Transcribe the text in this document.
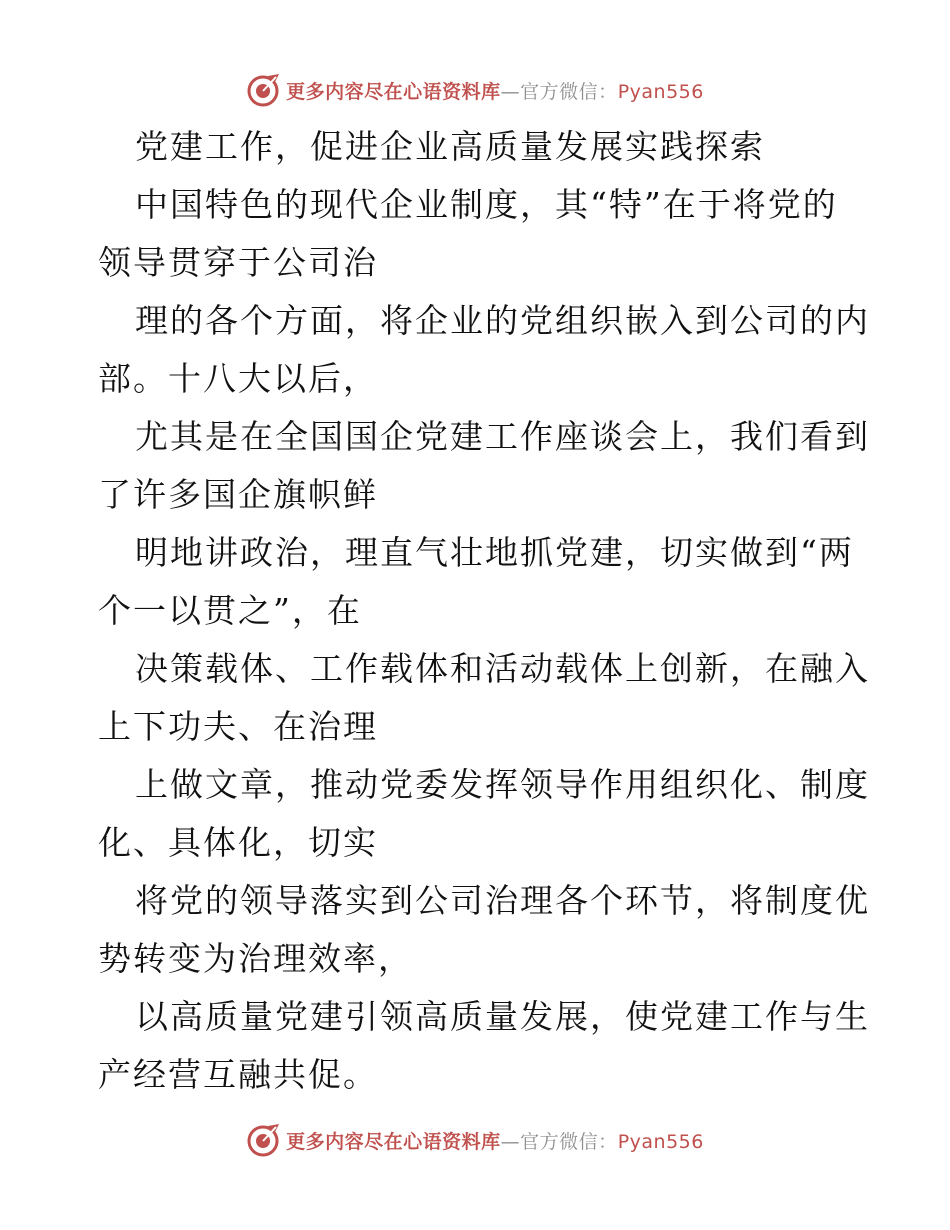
更多内容尽在心语资料库—官方微信：Pyan556

党建工作，促进企业高质量发展实践探索

中国特色的现代企业制度，其“特”在于将党的
领导贯穿于公司治

理的各个方面，将企业的党组织嵌入到公司的内
部。十八大以后，

尤其是在全国国企党建工作座谈会上，我们看到
了许多国企旗帜鲜

明地讲政治，理直气壮地抓党建，切实做到“两
个一以贯之”，在

决策载体、工作载体和活动载体上创新，在融入
上下功夫、在治理

上做文章，推动党委发挥领导作用组织化、制度
化、具体化，切实

将党的领导落实到公司治理各个环节，将制度优
势转变为治理效率，

以高质量党建引领高质量发展，使党建工作与生
产经营互融共促。

更多内容尽在心语资料库—官方微信：Pyan556
